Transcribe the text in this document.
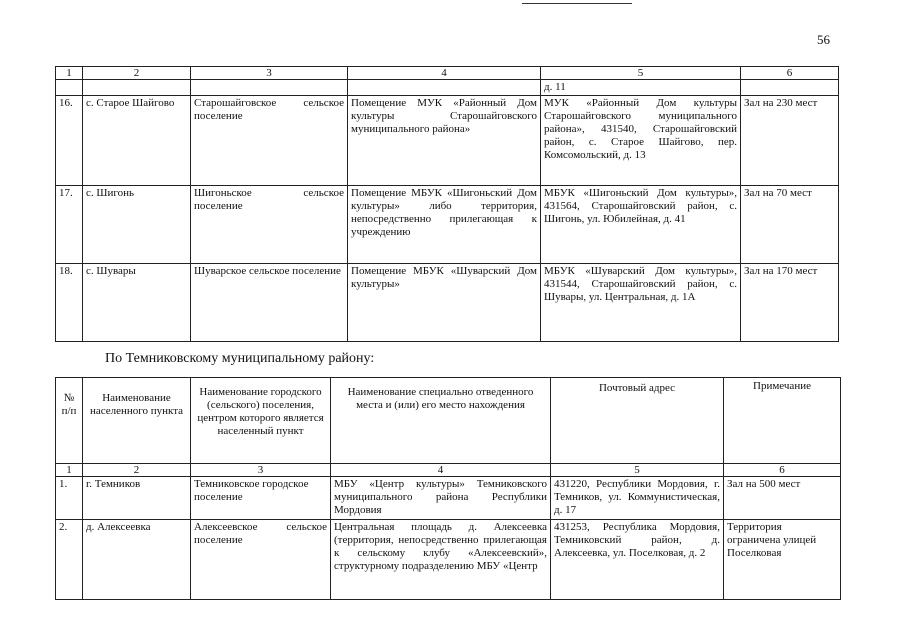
56
1	2	3	4	5	6
				д. 11	
16.	с. Старое Шайгово	Старошайговское сельское поселение	Помещение МУК «Районный Дом культуры Старошайговского муниципального района»	МУК «Районный Дом культуры Старошайговского муниципального района», 431540, Старошайговский район, с. Старое Шайгово, пер. Комсомольский, д. 13	Зал на 230 мест
17.	с. Шигонь	Шигоньское сельское поселение	Помещение МБУК «Шигоньский Дом культуры» либо территория, непосредственно прилегающая к учреждению	МБУК «Шигоньский Дом культуры», 431564, Старошайговский район, с. Шигонь, ул. Юбилейная, д. 41	Зал на 70 мест
18.	с. Шувары	Шуварское сельское поселение	Помещение МБУК «Шуварский Дом культуры»	МБУК «Шуварский Дом культуры», 431544, Старошайговский район, с. Шувары, ул. Центральная, д. 1А	Зал на 170 мест
По Темниковскому муниципальному району:
№ п/п	Наименование населенного пункта	Наименование городского (сельского) поселения, центром которого является населенный пункт	Наименование специально отведенного места и (или) его место нахождения	Почтовый адрес	Примечание
1	2	3	4	5	6
1.	г. Темников	Темниковское городское поселение	МБУ «Центр культуры» Темниковского муниципального района Республики Мордовия	431220, Республики Мордовия, г. Темников, ул. Коммунистическая, д. 17	Зал на 500 мест
2.	д. Алексеевка	Алексеевское сельское поселение	Центральная площадь д. Алексеевка (территория, непосредственно прилегающая к сельскому клубу «Алексеевский», структурному подразделению МБУ «Центр	431253, Республика Мордовия, Темниковский район, д. Алексеевка, ул. Поселковая, д. 2	Территория ограничена улицей Поселковая
